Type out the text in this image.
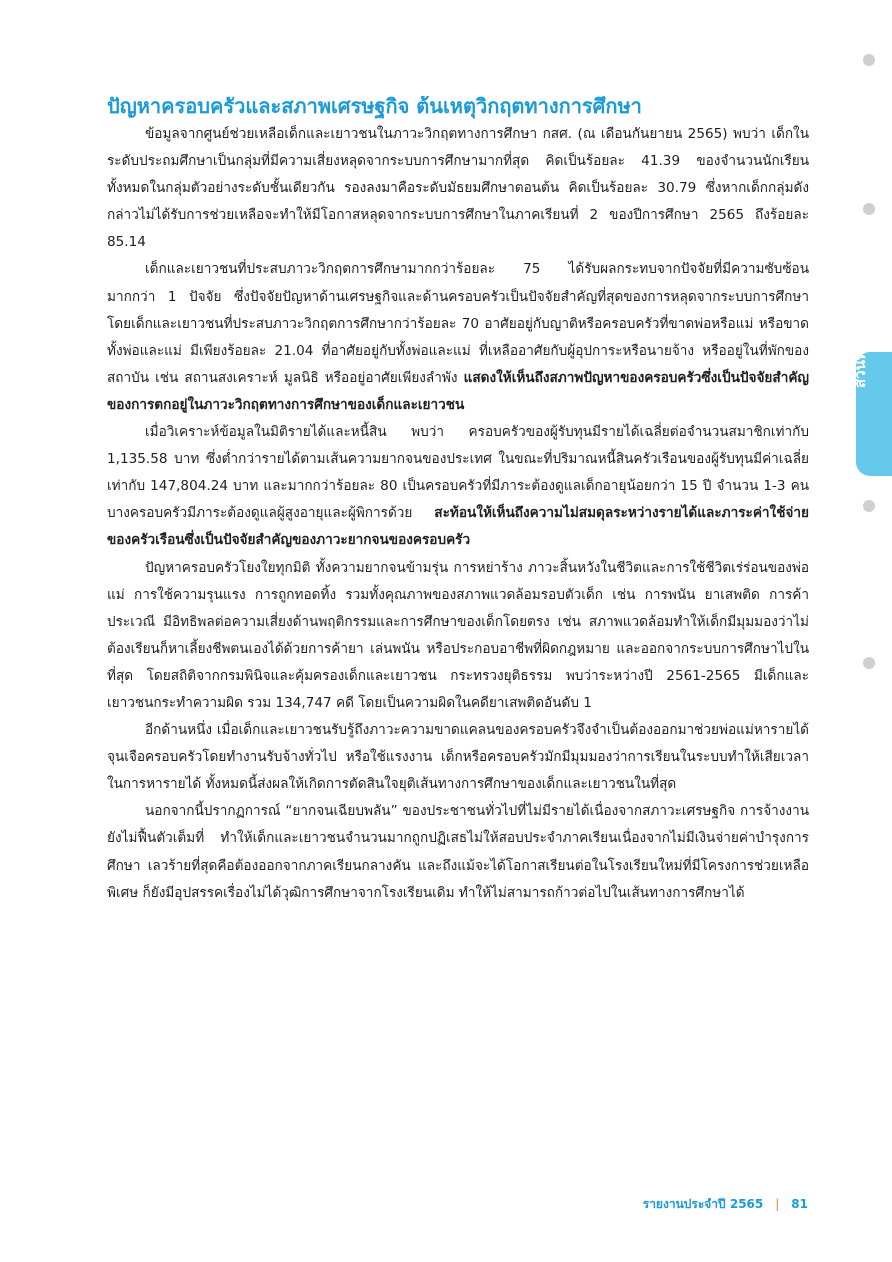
ปัญหาครอบครัวและสภาพเศรษฐกิจ ต้นเหตุวิกฤตทางการศึกษา

ข้อมูลจากศูนย์ช่วยเหลือเด็กและเยาวชนในภาวะวิกฤตทางการศึกษา กสศ. (ณ เดือนกันยายน 2565) พบว่า เด็กในระดับประถมศึกษาเป็นกลุ่มที่มีความเสี่ยงหลุดจากระบบการศึกษามากที่สุด คิดเป็นร้อยละ 41.39 ของจำนวนนักเรียนทั้งหมดในกลุ่มตัวอย่างระดับชั้นเดียวกัน รองลงมาคือระดับมัธยมศึกษาตอนต้น คิดเป็นร้อยละ 30.79 ซึ่งหากเด็กกลุ่มดังกล่าวไม่ได้รับการช่วยเหลือจะทำให้มีโอกาสหลุดจากระบบการศึกษาในภาคเรียนที่ 2 ของปีการศึกษา 2565 ถึงร้อยละ 85.14

เด็กและเยาวชนที่ประสบภาวะวิกฤตการศึกษามากกว่าร้อยละ 75 ได้รับผลกระทบจากปัจจัยที่มีความซับซ้อนมากกว่า 1 ปัจจัย ซึ่งปัจจัยปัญหาด้านเศรษฐกิจและด้านครอบครัวเป็นปัจจัยสำคัญที่สุดของการหลุดจากระบบการศึกษา โดยเด็กและเยาวชนที่ประสบภาวะวิกฤตการศึกษากว่าร้อยละ 70 อาศัยอยู่กับญาติหรือครอบครัวที่ขาดพ่อหรือแม่ หรือขาดทั้งพ่อและแม่ มีเพียงร้อยละ 21.04 ที่อาศัยอยู่กับทั้งพ่อและแม่ ที่เหลืออาศัยกับผู้อุปการะหรือนายจ้าง หรืออยู่ในที่พักของสถาบัน เช่น สถานสงเคราะห์ มูลนิธิ หรืออยู่อาศัยเพียงลำพัง แสดงให้เห็นถึงสภาพปัญหาของครอบครัวซึ่งเป็นปัจจัยสำคัญของการตกอยู่ในภาวะวิกฤตทางการศึกษาของเด็กและเยาวชน

เมื่อวิเคราะห์ข้อมูลในมิติรายได้และหนี้สิน พบว่า ครอบครัวของผู้รับทุนมีรายได้เฉลี่ยต่อจำนวนสมาชิกเท่ากับ 1,135.58 บาท ซึ่งต่ำกว่ารายได้ตามเส้นความยากจนของประเทศ ในขณะที่ปริมาณหนี้สินครัวเรือนของผู้รับทุนมีค่าเฉลี่ยเท่ากับ 147,804.24 บาท และมากกว่าร้อยละ 80 เป็นครอบครัวที่มีภาระต้องดูแลเด็กอายุน้อยกว่า 15 ปี จำนวน 1-3 คน บางครอบครัวมีภาระต้องดูแลผู้สูงอายุและผู้พิการด้วย สะท้อนให้เห็นถึงความไม่สมดุลระหว่างรายได้และภาระค่าใช้จ่ายของครัวเรือนซึ่งเป็นปัจจัยสำคัญของภาวะยากจนของครอบครัว

ปัญหาครอบครัวโยงใยทุกมิติ ทั้งความยากจนข้ามรุ่น การหย่าร้าง ภาวะสิ้นหวังในชีวิตและการใช้ชีวิตเร่ร่อนของพ่อแม่ การใช้ความรุนแรง การถูกทอดทิ้ง รวมทั้งคุณภาพของสภาพแวดล้อมรอบตัวเด็ก เช่น การพนัน ยาเสพติด การค้าประเวณี มีอิทธิพลต่อความเสี่ยงด้านพฤติกรรมและการศึกษาของเด็กโดยตรง เช่น สภาพแวดล้อมทำให้เด็กมีมุมมองว่าไม่ต้องเรียนก็หาเลี้ยงชีพตนเองได้ด้วยการค้ายา เล่นพนัน หรือประกอบอาชีพที่ผิดกฎหมาย และออกจากระบบการศึกษาไปในที่สุด โดยสถิติจากกรมพินิจและคุ้มครองเด็กและเยาวชน กระทรวงยุติธรรม พบว่าระหว่างปี 2561-2565 มีเด็กและเยาวชนกระทำความผิด รวม 134,747 คดี โดยเป็นความผิดในคดียาเสพติดอันดับ 1

อีกด้านหนึ่ง เมื่อเด็กและเยาวชนรับรู้ถึงภาวะความขาดแคลนของครอบครัวจึงจำเป็นต้องออกมาช่วยพ่อแม่หารายได้จุนเจือครอบครัวโดยทำงานรับจ้างทั่วไป หรือใช้แรงงาน เด็กหรือครอบครัวมักมีมุมมองว่าการเรียนในระบบทำให้เสียเวลาในการหารายได้ ทั้งหมดนี้ส่งผลให้เกิดการตัดสินใจยุติเส้นทางการศึกษาของเด็กและเยาวชนในที่สุด

นอกจากนี้ปรากฏการณ์ “ยากจนเฉียบพลัน” ของประชาชนทั่วไปที่ไม่มีรายได้เนื่องจากสภาวะเศรษฐกิจ การจ้างงานยังไม่ฟื้นตัวเต็มที่ ทำให้เด็กและเยาวชนจำนวนมากถูกปฏิเสธไม่ให้สอบประจำภาคเรียนเนื่องจากไม่มีเงินจ่ายค่าบำรุงการศึกษา เลวร้ายที่สุดคือต้องออกจากภาคเรียนกลางคัน และถึงแม้จะได้โอกาสเรียนต่อในโรงเรียนใหม่ที่มีโครงการช่วยเหลือพิเศษ ก็ยังมีอุปสรรคเรื่องไม่ได้วุฒิการศึกษาจากโรงเรียนเดิม ทำให้ไม่สามารถก้าวต่อไปในเส้นทางการศึกษาได้

ส่วนที่ 3
รายงานประจำปี 2565 | 81
